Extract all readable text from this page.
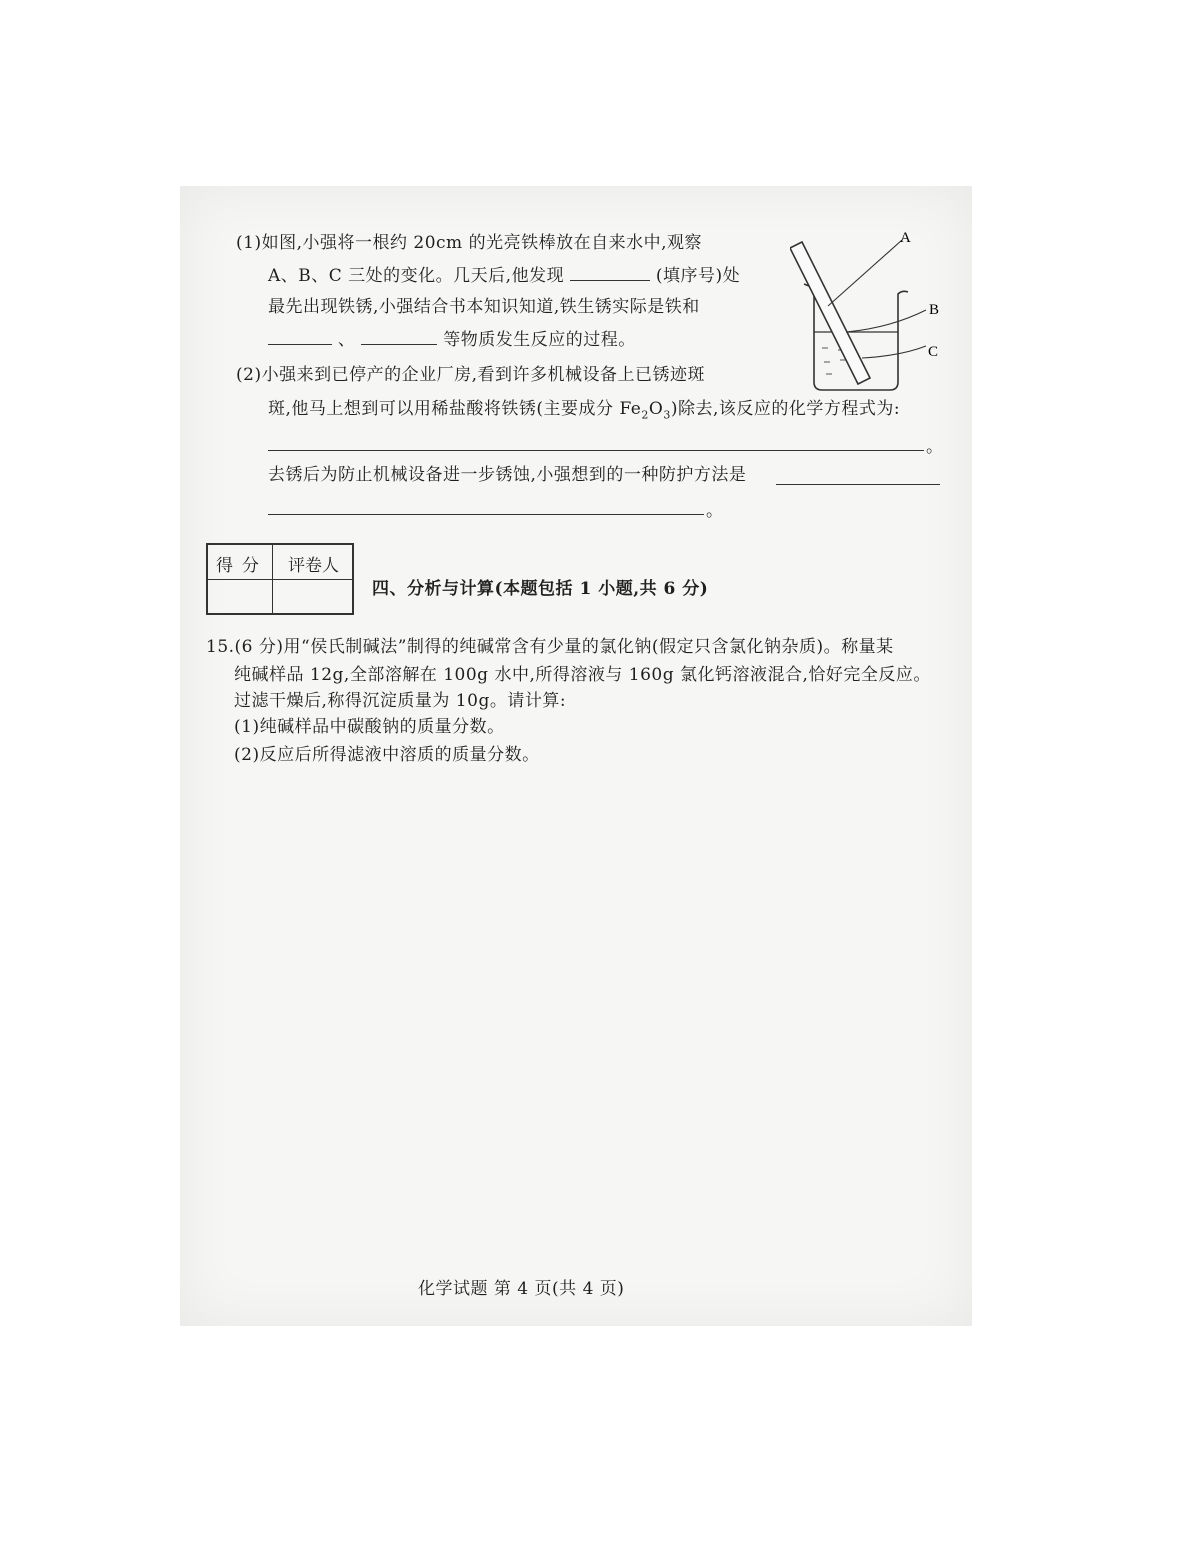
(1)如图,小强将一根约 20cm 的光亮铁棒放在自来水中,观察
A、B、C 三处的变化。几天后,他发现	(填序号)处
最先出现铁锈,小强结合书本知识知道,铁生锈实际是铁和
、	等物质发生反应的过程。
A
B
C
(2)小强来到已停产的企业厂房,看到许多机械设备上已锈迹斑
斑,他马上想到可以用稀盐酸将铁锈(主要成分 $Fe_2O_3$)除去,该反应的化学方程式为:
。
去锈后为防止机械设备进一步锈蚀,小强想到的一种防护方法是
。
得分 评卷人
四、分析与计算(本题包括 1 小题,共 6 分)
15.(6 分)用“侯氏制碱法”制得的纯碱常含有少量的氯化钠(假定只含氯化钠杂质)。称量某
纯碱样品 12g,全部溶解在 100g 水中,所得溶液与 160g 氯化钙溶液混合,恰好完全反应。
过滤干燥后,称得沉淀质量为 10g。请计算:
(1)纯碱样品中碳酸钠的质量分数。
(2)反应后所得滤液中溶质的质量分数。
化学试题 第 4 页(共 4 页)
